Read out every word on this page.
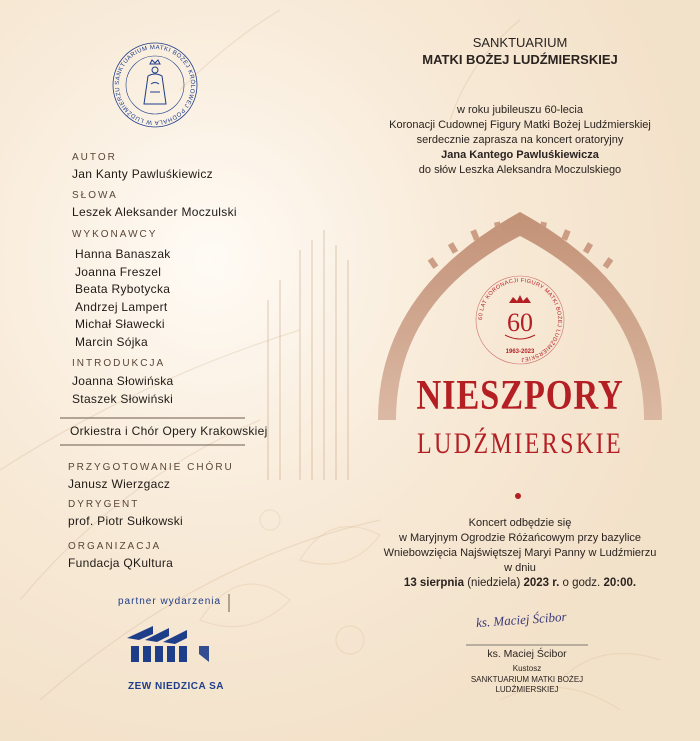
SANKTUARIUM MATKI BOŻEJ KRÓLOWEJ PODHALA W LUDŹMIERZU
AUTOR
Jan Kanty Pawluśkiewicz
SŁOWA
Leszek Aleksander Moczulski
WYKONAWCY
Hanna Banaszak
Joanna Freszel
Beata Rybotycka
Andrzej Lampert
Michał Sławecki
Marcin Sójka
INTRODUKCJA
Joanna Słowińska
Staszek Słowiński
Orkiestra i Chór Opery Krakowskiej
PRZYGOTOWANIE CHÓRU
Janusz Wierzgacz
DYRYGENT
prof. Piotr Sułkowski
ORGANIZACJA
Fundacja QKultura
partner wydarzenia
ZEW NIEDZICA SA
SANKTUARIUM
MATKI BOŻEJ LUDŹMIERSKIEJ
w roku jubileuszu 60-lecia
Koronacji Cudownej Figury Matki Bożej Ludźmierskiej
serdecznie zaprasza na koncert oratoryjny
Jana Kantego Pawluśkiewicza
do słów Leszka Aleksandra Moczulskiego
60 LAT KORONACJI FIGURY MATKI BOŻEJ LUDŹMIERSKIEJ
60
1963-2023
NIESZPORY
LUDŹMIERSKIE
Koncert odbędzie się
w Maryjnym Ogrodzie Różańcowym przy bazylice
Wniebowzięcia Najświętszej Maryi Panny w Ludźmierzu
w dniu
13 sierpnia (niedziela) 2023 r. o godz. 20:00.
ks. Maciej Ścibor
ks. Maciej Ścibor
Kustosz
SANKTUARIUM MATKI BOŻEJ
LUDŹMIERSKIEJ
